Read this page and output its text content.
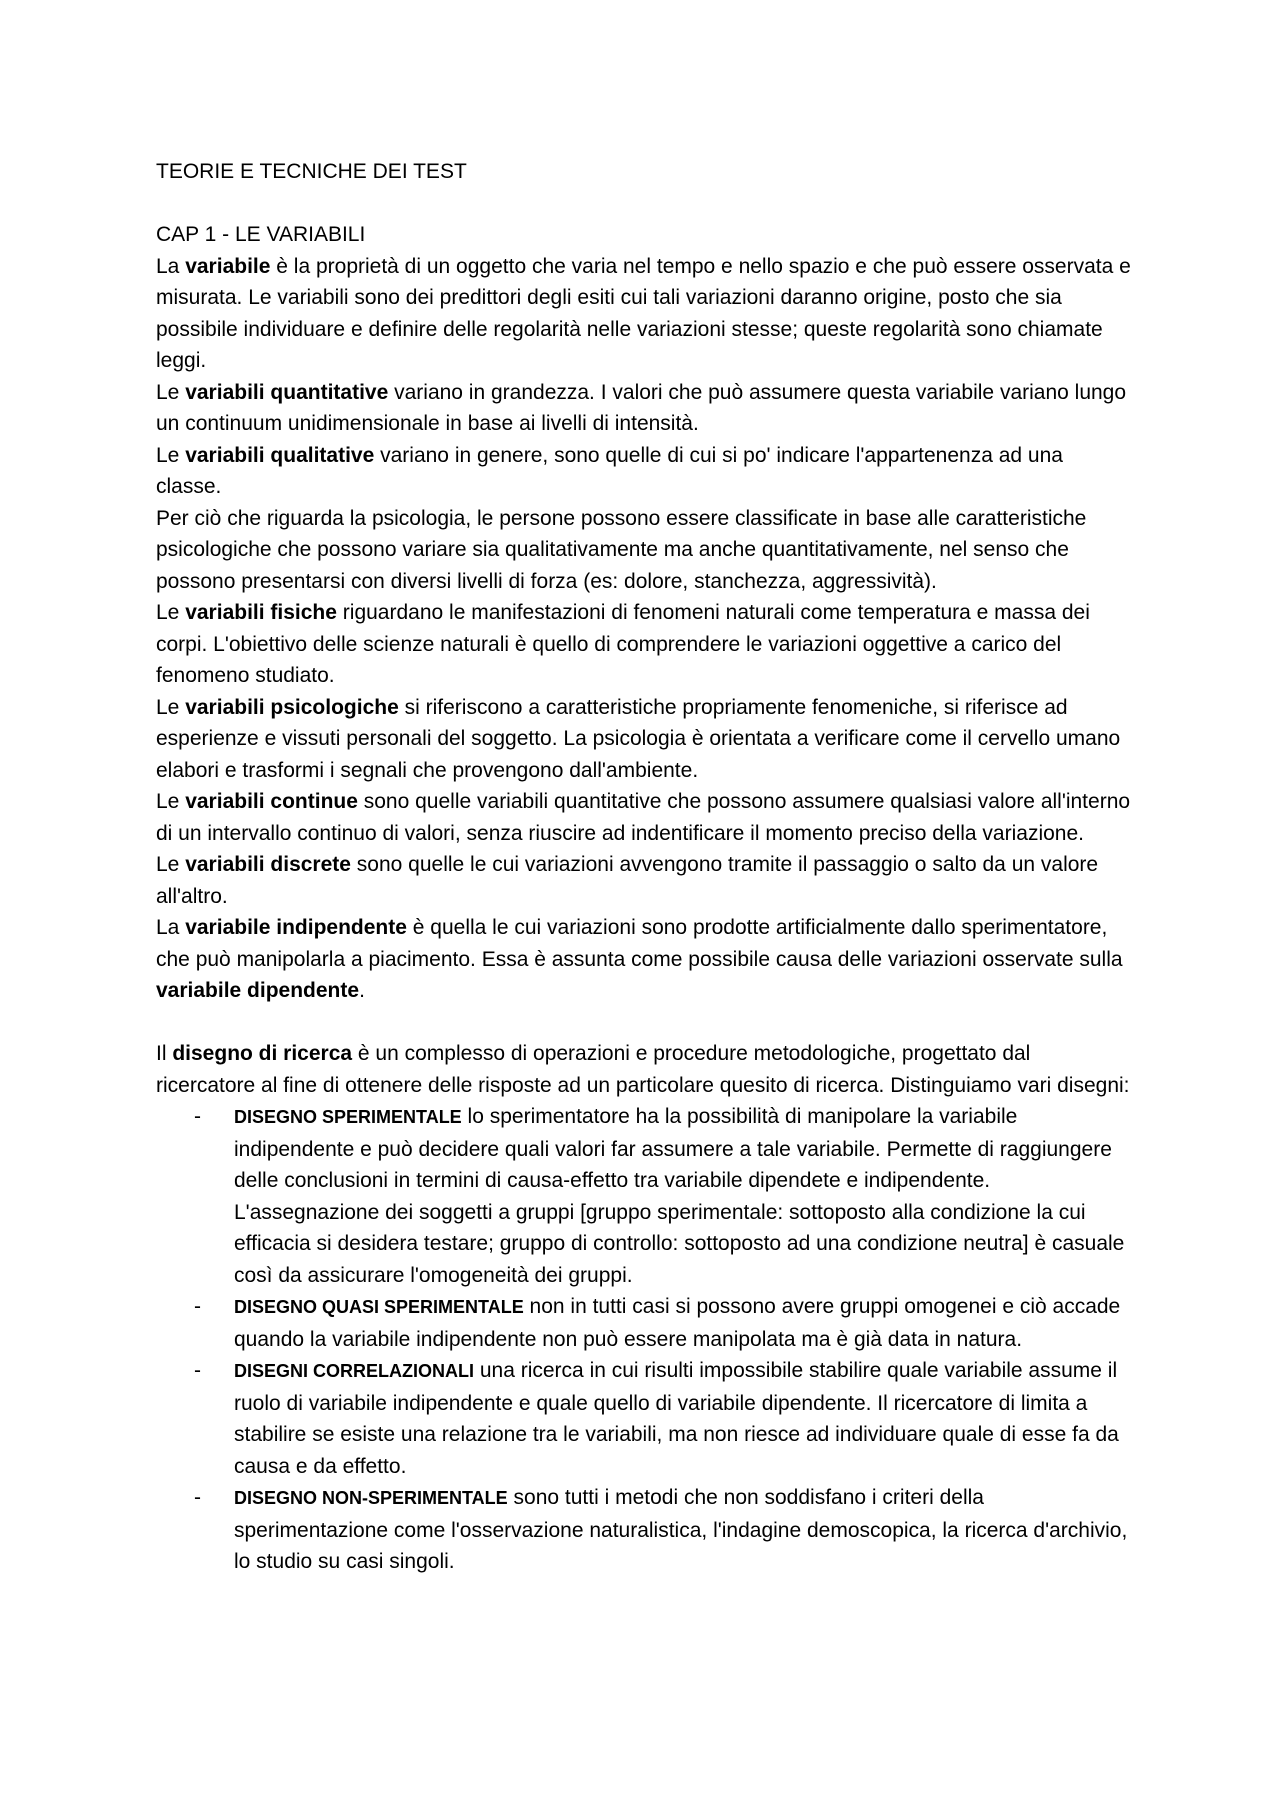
TEORIE E TECNICHE DEI TEST
CAP 1 - LE VARIABILI
La variabile è la proprietà di un oggetto che varia nel tempo e nello spazio e che può essere osservata e misurata. Le variabili sono dei predittori degli esiti cui tali variazioni daranno origine, posto che sia possibile individuare e definire delle regolarità nelle variazioni stesse; queste regolarità sono chiamate leggi.
Le variabili quantitative variano in grandezza. I valori che può assumere questa variabile variano lungo un continuum unidimensionale in base ai livelli di intensità.
Le variabili qualitative variano in genere, sono quelle di cui si po' indicare l'appartenenza ad una classe.
Per ciò che riguarda la psicologia, le persone possono essere classificate in base alle caratteristiche psicologiche che possono variare sia qualitativamente ma anche quantitativamente, nel senso che possono presentarsi con diversi livelli di forza (es: dolore, stanchezza, aggressività).
Le variabili fisiche riguardano le manifestazioni di fenomeni naturali come temperatura e massa dei corpi. L'obiettivo delle scienze naturali è quello di comprendere le variazioni oggettive a carico del fenomeno studiato.
Le variabili psicologiche si riferiscono a caratteristiche propriamente fenomeniche, si riferisce ad esperienze e vissuti personali del soggetto. La psicologia è orientata a verificare come il cervello umano elabori e trasformi i segnali che provengono dall'ambiente.
Le variabili continue sono quelle variabili quantitative che possono assumere qualsiasi valore all'interno di un intervallo continuo di valori, senza riuscire ad indentificare il momento preciso della variazione.
Le variabili discrete sono quelle le cui variazioni avvengono tramite il passaggio o salto da un valore all'altro.
La variabile indipendente è quella le cui variazioni sono prodotte artificialmente dallo sperimentatore, che può manipolarla a piacimento. Essa è assunta come possibile causa delle variazioni osservate sulla variabile dipendente.
Il disegno di ricerca è un complesso di operazioni e procedure metodologiche, progettato dal ricercatore al fine di ottenere delle risposte ad un particolare quesito di ricerca. Distinguiamo vari disegni:
- DISEGNO SPERIMENTALE lo sperimentatore ha la possibilità di manipolare la variabile indipendente e può decidere quali valori far assumere a tale variabile. Permette di raggiungere delle conclusioni in termini di causa-effetto tra variabile dipendete e indipendente. L'assegnazione dei soggetti a gruppi [gruppo sperimentale: sottoposto alla condizione la cui efficacia si desidera testare; gruppo di controllo: sottoposto ad una condizione neutra] è casuale così da assicurare l'omogeneità dei gruppi.
- DISEGNO QUASI SPERIMENTALE non in tutti casi si possono avere gruppi omogenei e ciò accade quando la variabile indipendente non può essere manipolata ma è già data in natura.
- DISEGNI CORRELAZIONALI una ricerca in cui risulti impossibile stabilire quale variabile assume il ruolo di variabile indipendente e quale quello di variabile dipendente. Il ricercatore di limita a stabilire se esiste una relazione tra le variabili, ma non riesce ad individuare quale di esse fa da causa e da effetto.
- DISEGNO NON-SPERIMENTALE sono tutti i metodi che non soddisfano i criteri della sperimentazione come l'osservazione naturalistica, l'indagine demoscopica, la ricerca d'archivio, lo studio su casi singoli.
